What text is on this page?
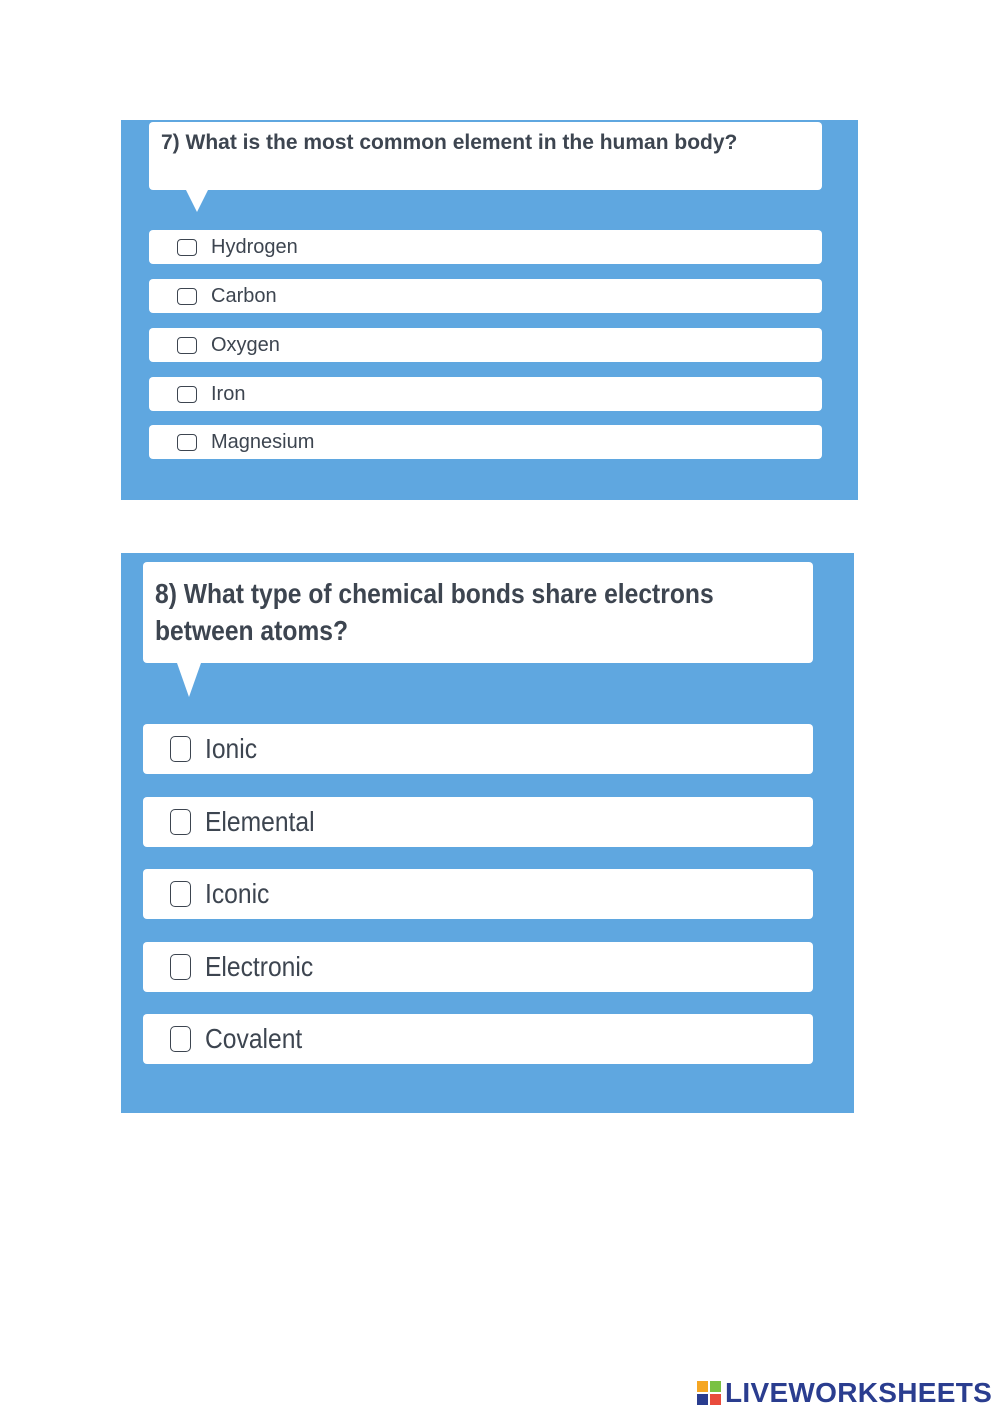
7) What is the most common element in the human body?
Hydrogen
Carbon
Oxygen
Iron
Magnesium
8) What type of chemical bonds share electrons between atoms?
Ionic
Elemental
Iconic
Electronic
Covalent
LIVEWORKSHEETS
